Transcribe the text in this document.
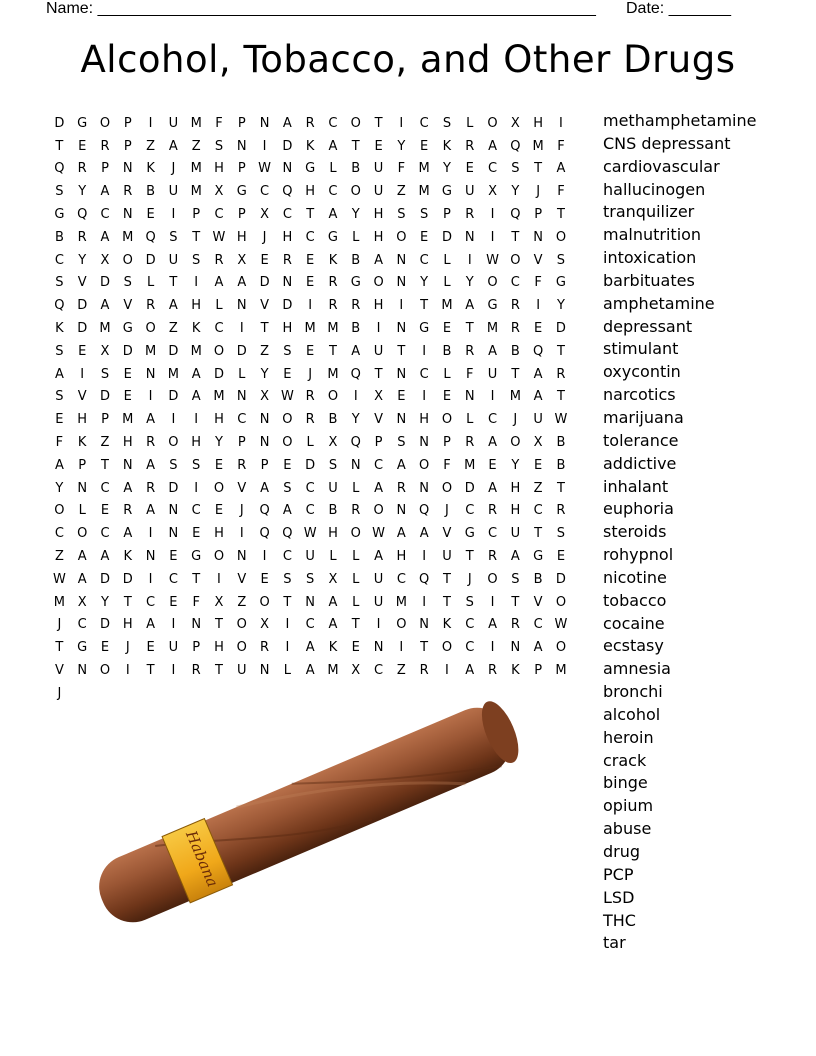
Name: ________________________________________________________ Date: _______
Alcohol, Tobacco, and Other Drugs
D G O	P	I	U M	F	P	N	A	R	C	O	T	I	C	S	L	O	X	H	I
T	E	R	P	Z	A	Z	S	N	I	D	K	A	T	E	Y	E	K	R	A	Q M	F
Q	R	P	N	K	J	M H	P W N G	L	B	U	F	M	Y	E	C	S	T	A
S	Y	A	R	B	U M X	G	C	Q H	C	O U	Z M G	U	X	Y	J	F
G Q	C	N	E	I	P	C	P	X	C	T	A	Y	H	S	S	P	R	I	Q	P	T
B	R	A M Q	S	T W H	J	H	C	G	L	H O	E	D N	I	T	N O
C	Y	X	O D	U	S	R	X	E	R	E	K	B	A	N	C	L	I	W O	V	S
S	V	D	S	L	T	I	A	A	D N	E	R	G O N	Y	L	Y	O	C	F	G
Q D	A	V	R	A	H	L	N	V	D	I	R	R	H	I	T	M A	G	R	I	Y
K	D M G O	Z	K	C	I	T	H M M B	I	N G	E	T	M R	E	D
S	E	X	D M D M O D	Z	S	E	T	A	U	T	I	B	R	A	B	Q	T
A	I	S	E	N M A	D	L	Y	E	J	M Q	T	N	C	L	F	U	T	A	R
S	V	D	E	I	D	A M N	X W R	O	I	X	E	I	E	N	I	M A	T
E	H	P	M A	I	I	H	C	N O	R	B	Y	V	N	H O	L	C	J	U W
F	K	Z	H	R	O H	Y	P	N O	L	X	Q	P	S	N	P	R	A	O	X	B
A	P	T	N	A	S	S	E	R	P	E	D	S	N	C	A	O	F	M	E	Y	E	B
Y	N	C	A	R	D	I	O	V	A	S	C	U	L	A	R	N O D	A	H	Z	T
O	L	E	R	A	N	C	E	J	Q	A	C	B	R	O N Q	J	C	R	H	C	R
C	O	C	A	I	N	E	H	I	Q Q W H O W A	A	V	G	C	U	T	S
Z	A	A	K	N	E	G O N	I	C	U	L	L	A	H	I	U	T	R	A	G	E
W A	D D	I	C	T	I	V	E	S	S	X	L	U	C	Q	T	J	O	S	B	D
M X	Y	T	C	E	F	X	Z	O	T	N	A	L	U M	I	T	S	I	T	V	O
J	C	D H	A	I	N	T	O	X	I	C	A	T	I	O N	K	C	A	R	C W
T	G	E	J	E	U	P	H O	R	I	A	K	E	N	I	T	O	C	I	N	A	O
V	N O	I	T	I	R	T	U	N	L	A M X	C	Z	R	I	A	R	K	P	M
J
methamphetamine
CNS depressant
cardiovascular
hallucinogen
tranquilizer
malnutrition
intoxication
barbituates
amphetamine
depressant
stimulant
oxycontin
narcotics
marijuana
tolerance
addictive
inhalant
euphoria
steroids
rohypnol
nicotine
tobacco
cocaine
ecstasy
amnesia
bronchi
alcohol
heroin
crack
binge
opium
abuse
drug
PCP
LSD
THC
tar
Habana
